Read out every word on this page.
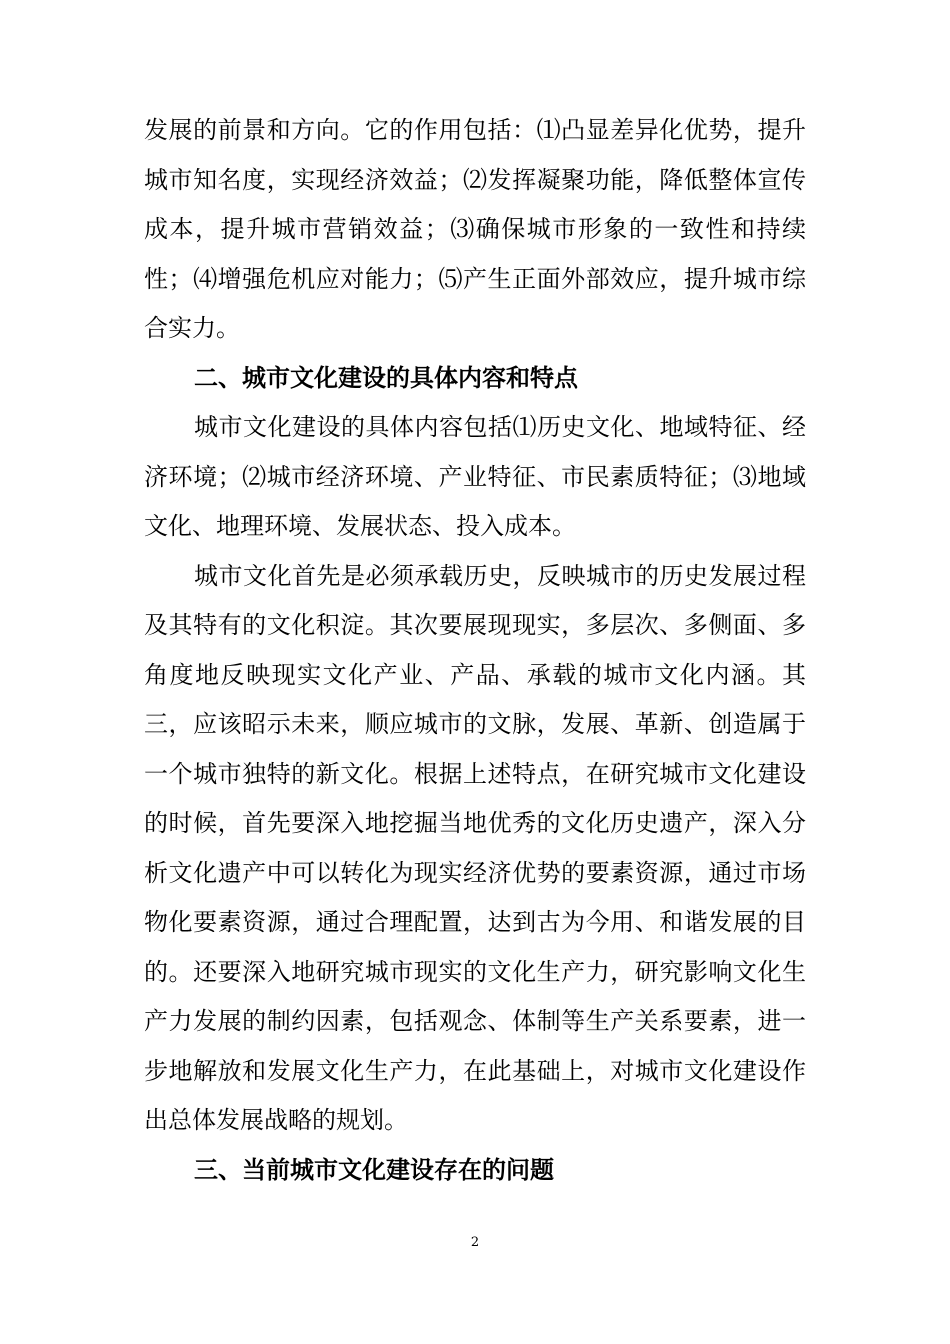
发展的前景和方向。它的作用包括：⑴凸显差异化优势，提升城市知名度，实现经济效益；⑵发挥凝聚功能，降低整体宣传成本，提升城市营销效益；⑶确保城市形象的一致性和持续性；⑷增强危机应对能力；⑸产生正面外部效应，提升城市综合实力。

二、城市文化建设的具体内容和特点

城市文化建设的具体内容包括⑴历史文化、地域特征、经济环境；⑵城市经济环境、产业特征、市民素质特征；⑶地域文化、地理环境、发展状态、投入成本。

城市文化首先是必须承载历史，反映城市的历史发展过程及其特有的文化积淀。其次要展现现实，多层次、多侧面、多角度地反映现实文化产业、产品、承载的城市文化内涵。其三，应该昭示未来，顺应城市的文脉，发展、革新、创造属于一个城市独特的新文化。根据上述特点，在研究城市文化建设的时候，首先要深入地挖掘当地优秀的文化历史遗产，深入分析文化遗产中可以转化为现实经济优势的要素资源，通过市场物化要素资源，通过合理配置，达到古为今用、和谐发展的目的。还要深入地研究城市现实的文化生产力，研究影响文化生产力发展的制约因素，包括观念、体制等生产关系要素，进一步地解放和发展文化生产力，在此基础上，对城市文化建设作出总体发展战略的规划。

三、当前城市文化建设存在的问题

2
